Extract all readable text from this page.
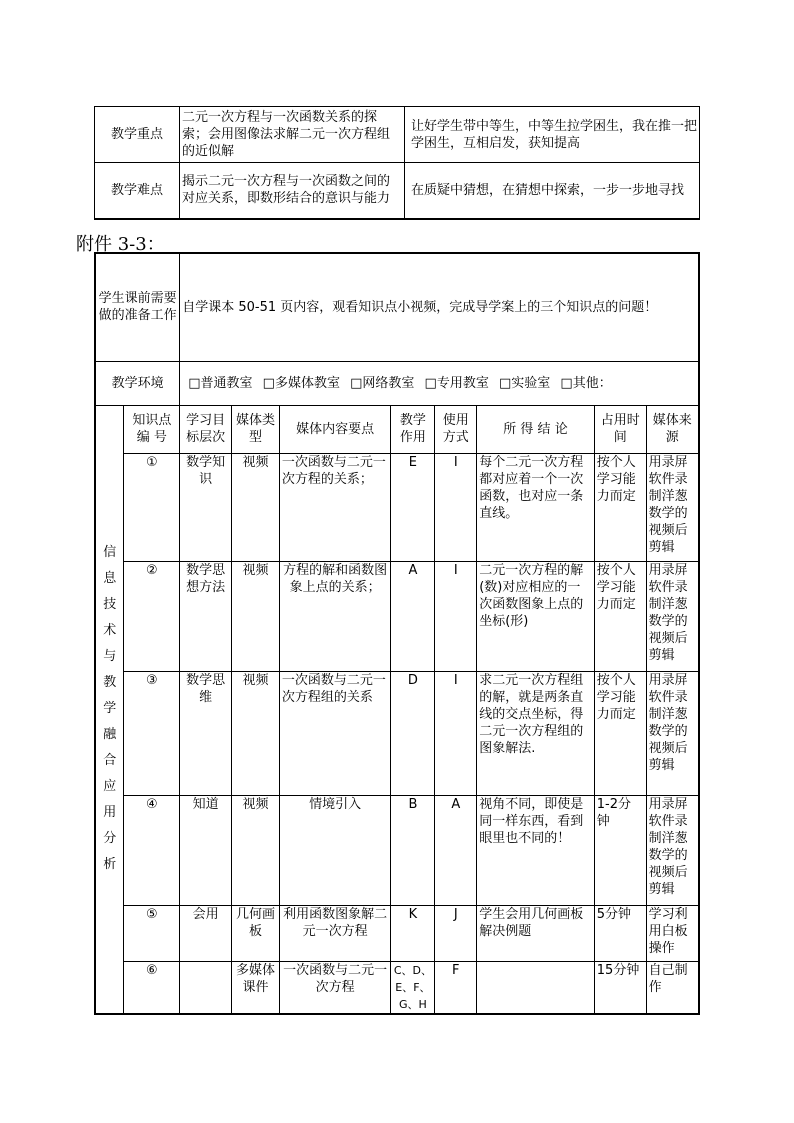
教学重点	二元一次方程与一次函数关系的探索；会用图像法求解二元一次方程组的近似解	让好学生带中等生，中等生拉学困生，我在推一把学困生，互相启发，获知提高
教学难点	揭示二元一次方程与一次函数之间的对应关系，即数形结合的意识与能力	在质疑中猜想，在猜想中探索，一步一步地寻找
附件 3-3：
学生课前需要做的准备工作		自学课本 50-51 页内容，观看知识点小视频，完成导学案上的三个知识点的问题！							
教学环境		□普通教室 □多媒体教室 □网络教室 □专用教室 □实验室 □其他：							

信息技术与教学融合应用分析	知识点编 号	学习目标层次	媒体类型	媒体内容要点	教学作用	使用方式	所 得 结 论	占用时间	媒体来源
	①	数学知识	视频	一次函数与二元一次方程的关系；	E	I	每个二元一次方程都对应着一个一次函数，也对应一条直线。	按个人学习能力而定	用录屏软件录制洋葱数学的视频后剪辑
	②	数学思想方法	视频	方程的解和函数图象上点的关系；	A	I	二元一次方程的解 (数)对应相应的一次函数图象上点的坐标(形)	按个人学习能力而定	用录屏软件录制洋葱数学的视频后剪辑
	③	数学思维	视频	一次函数与二元一次方程组的关系	D	I	求二元一次方程组的解，就是两条直线的交点坐标，得二元一次方程组的图象解法.	按个人学习能力而定	用录屏软件录制洋葱数学的视频后剪辑
	④	知道	视频	情境引入	B	A	视角不同，即使是同一样东西，看到眼里也不同的！	1-2分钟	用录屏软件录制洋葱数学的视频后剪辑
	⑤	会用	几何画板	利用函数图象解二元一次方程	K	J	学生会用几何画板解决例题	5分钟	学习利用白板操作
	⑥		多媒体课件	一次函数与二元一次方程	C、D、E、F、G、H	F		15分钟	自己制作
